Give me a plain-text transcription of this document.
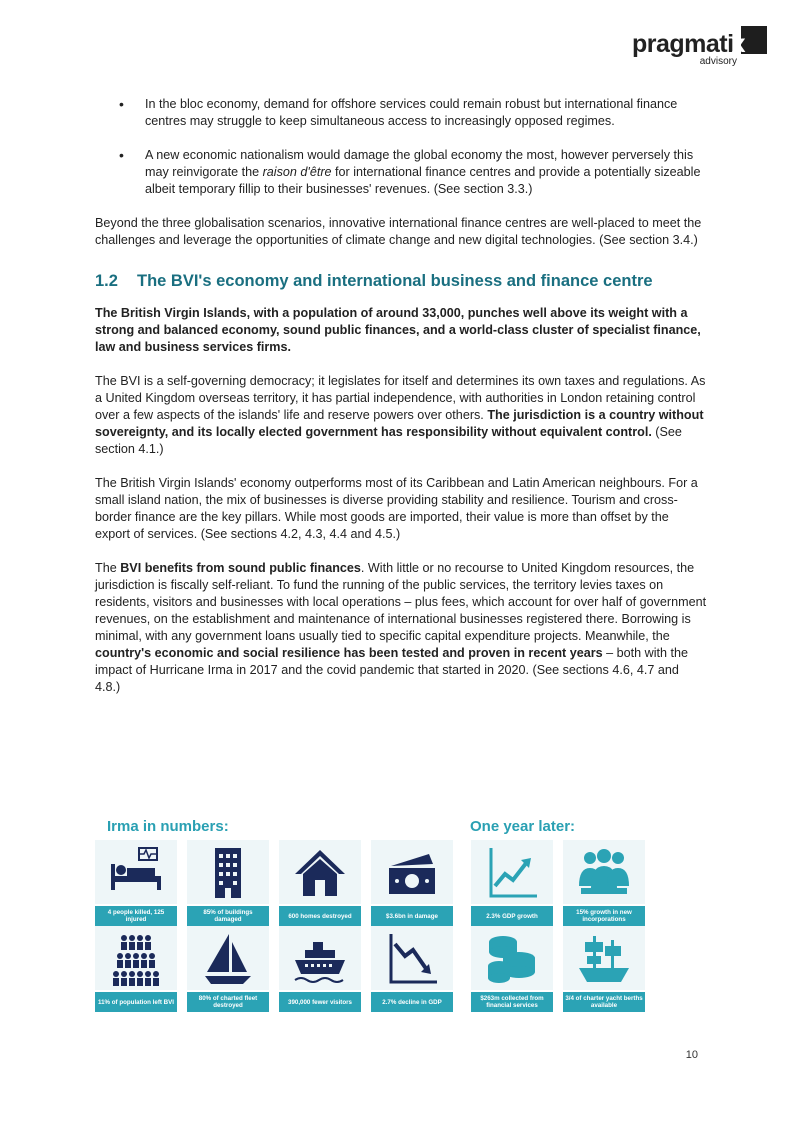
pragmatix
advisory
• In the bloc economy, demand for offshore services could remain robust but international finance centres may struggle to keep simultaneous access to increasingly opposed regimes.
• A new economic nationalism would damage the global economy the most, however perversely this may reinvigorate the raison d'être for international finance centres and provide a potentially sizeable albeit temporary fillip to their businesses' revenues. (See section 3.3.)

Beyond the three globalisation scenarios, innovative international finance centres are well-placed to meet the challenges and leverage the opportunities of climate change and new digital technologies. (See section 3.4.)

1.2 The BVI's economy and international business and finance centre

The British Virgin Islands, with a population of around 33,000, punches well above its weight with a strong and balanced economy, sound public finances, and a world-class cluster of specialist finance, law and business services firms.

The BVI is a self-governing democracy; it legislates for itself and determines its own taxes and regulations. As a United Kingdom overseas territory, it has partial independence, with authorities in London retaining control over a few aspects of the islands' life and reserve powers over others. The jurisdiction is a country without sovereignty, and its locally elected government has responsibility without equivalent control. (See section 4.1.)

The British Virgin Islands' economy outperforms most of its Caribbean and Latin American neighbours. For a small island nation, the mix of businesses is diverse providing stability and resilience. Tourism and cross-border finance are the key pillars. While most goods are imported, their value is more than offset by the export of services. (See sections 4.2, 4.3, 4.4 and 4.5.)

The BVI benefits from sound public finances. With little or no recourse to United Kingdom resources, the jurisdiction is fiscally self-reliant. To fund the running of the public services, the territory levies taxes on residents, visitors and businesses with local operations – plus fees, which account for over half of government revenues, on the establishment and maintenance of international businesses registered there. Borrowing is minimal, with any government loans usually tied to specific capital expenditure projects. Meanwhile, the country's economic and social resilience has been tested and proven in recent years – both with the impact of Hurricane Irma in 2017 and the covid pandemic that started in 2020. (See sections 4.6, 4.7 and 4.8.)

Irma in numbers:	One year later:
4 people killed, 125 injured
85% of buildings damaged	600 homes destroyed	$3.6bn in damage
11% of population left BVI	80% of charted fleet destroyed	390,000 fewer visitors	2.7% decline in GDP
2.3% GDP growth	15% growth in new incorporations
$263m collected from financial services
3/4 of charter yacht berths available
10
